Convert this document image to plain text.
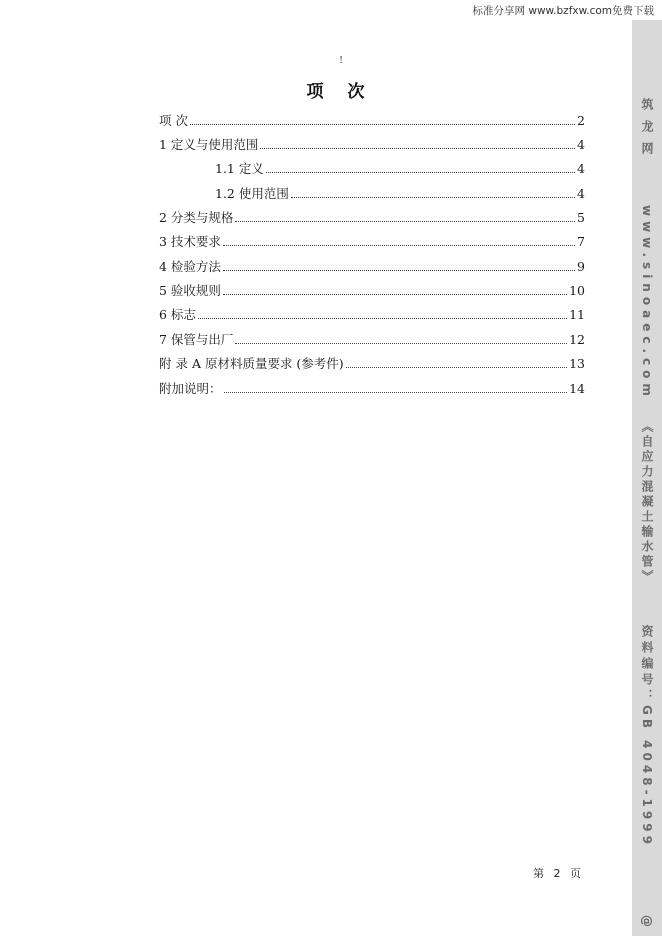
标准分享网 www.bzfxw.com免费下载
筑龙网
www.sinoaec.com
《自应力混凝土输水管》
资料编号：GB 4048-1999
@
!
项 次
项 次	2
1 定义与使用范围	4
1.1 定义	4
1.2 使用范围	4
2 分类与规格	5
3 技术要求	7
4 检验方法	9
5 验收规则	10
6 标志	11
7 保管与出厂	12
附 录 A 原材料质量要求 (参考件)	13
附加说明：	14
第 2 页
